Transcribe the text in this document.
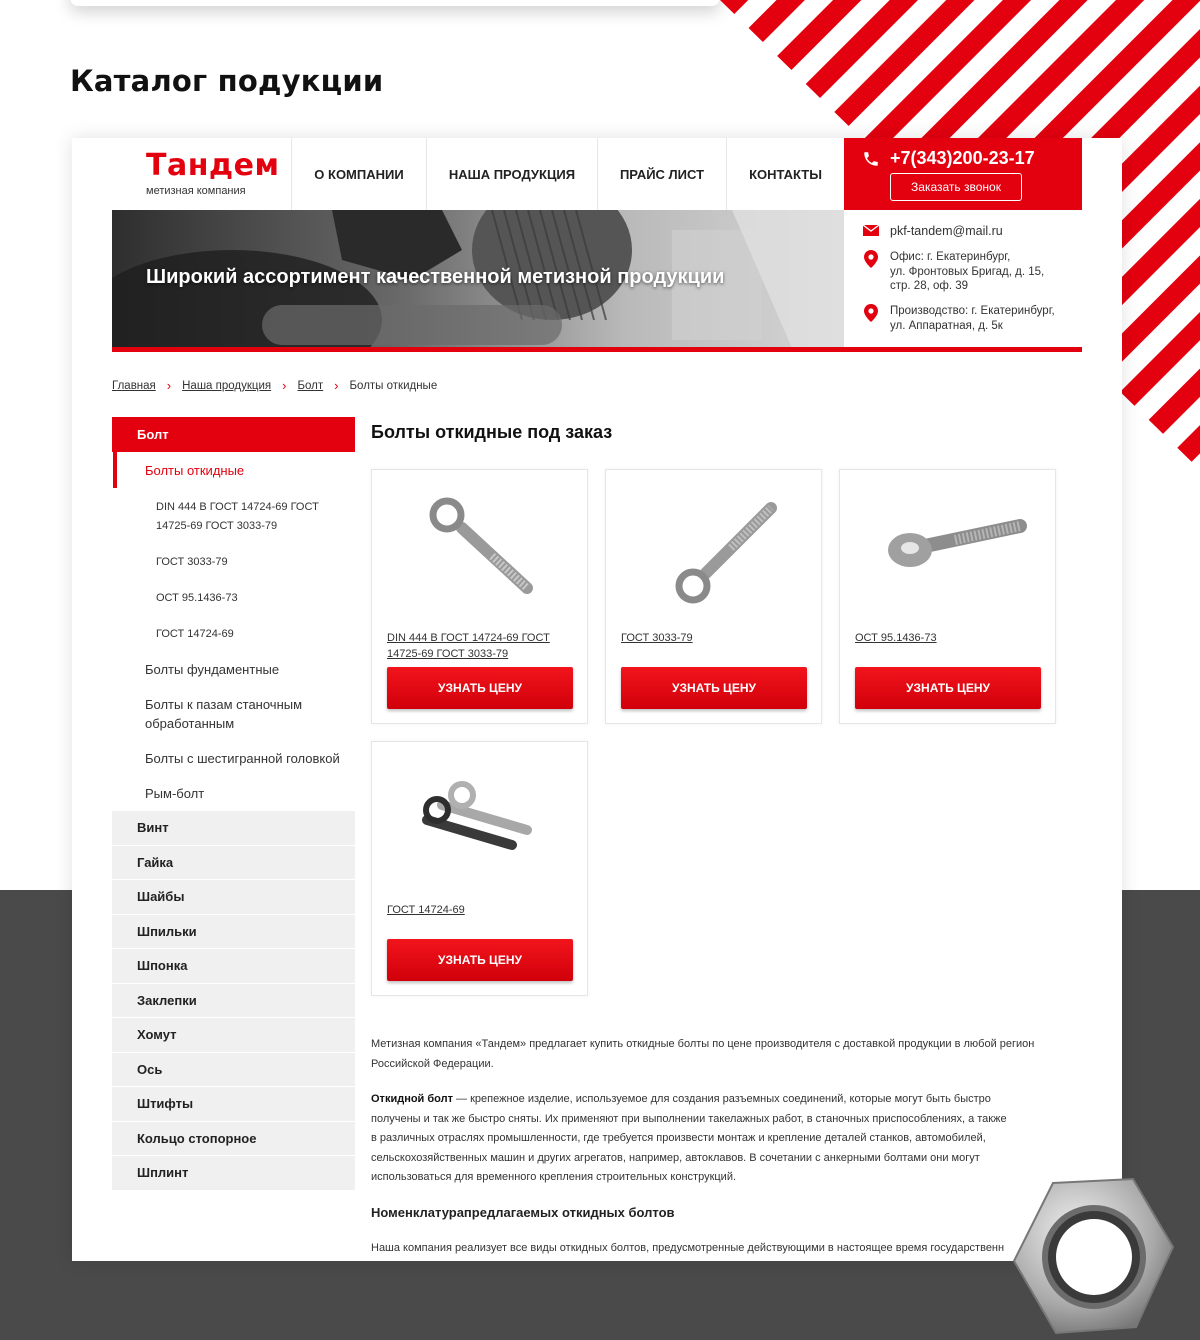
Каталог подукции
Тандем
метизная компания
О КОМПАНИИ	НАША ПРОДУКЦИЯ	ПРАЙС ЛИСТ	КОНТАКТЫ
+7(343)200-23-17
Заказать звонок
Широкий ассортимент качественной метизной продукции
pkf-tandem@mail.ru
Офис: г. Екатеринбург,
ул. Фронтовых Бригад, д. 15,
стр. 28, оф. 39
Производство: г. Екатеринбург,
ул. Аппаратная, д. 5к
Главная › Наша продукция › Болт › Болты откидные
Болт
Болты откидные
DIN 444 В ГОСТ 14724-69 ГОСТ
14725-69 ГОСТ 3033-79
ГОСТ 3033-79
ОСТ 95.1436-73
ГОСТ 14724-69
Болты фундаментные
Болты к пазам станочным
обработанным
Болты с шестигранной головкой
Рым-болт
Винт
Гайка
Шайбы
Шпильки
Шпонка
Заклепки
Хомут
Ось
Штифты
Кольцо стопорное
Шплинт
Болты откидные под заказ
DIN 444 В ГОСТ 14724-69 ГОСТ
14725-69 ГОСТ 3033-79
УЗНАТЬ ЦЕНУ
ГОСТ 3033-79
УЗНАТЬ ЦЕНУ
ОСТ 95.1436-73
УЗНАТЬ ЦЕНУ
ГОСТ 14724-69
УЗНАТЬ ЦЕНУ
Метизная компания «Тандем» предлагает купить откидные болты по цене производителя с доставкой продукции в любой регион
Российской Федерации.
Откидной болт — крепежное изделие, используемое для создания разъемных соединений, которые могут быть быстро
получены и так же быстро сняты. Их применяют при выполнении такелажных работ, в станочных приспособлениях, а также
в различных отраслях промышленности, где требуется произвести монтаж и крепление деталей станков, автомобилей,
сельскохозяйственных машин и других агрегатов, например, автоклавов. В сочетании с анкерными болтами они могут
использоваться для временного крепления строительных конструкций.
Номенклатурапредлагаемых откидных болтов
Наша компания реализует все виды откидных болтов, предусмотренные действующими в настоящее время государственн
